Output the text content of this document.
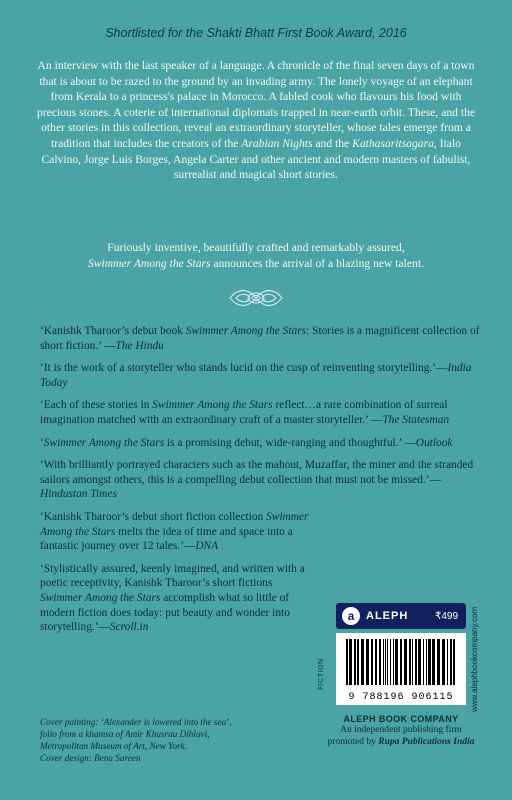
Shortlisted for the Shakti Bhatt First Book Award, 2016
An interview with the last speaker of a language. A chronicle of the final seven days of a town that is about to be razed to the ground by an invading army. The lonely voyage of an elephant from Kerala to a princess's palace in Morocco. A fabled cook who flavours his food with precious stones. A coterie of international diplomats trapped in near-earth orbit. These, and the other stories in this collection, reveal an extraordinary storyteller, whose tales emerge from a tradition that includes the creators of the Arabian Nights and the Kathasaritsagara, Italo Calvino, Jorge Luis Borges, Angela Carter and other ancient and modern masters of fabulist, surrealist and magical short stories.
Furiously inventive, beautifully crafted and remarkably assured,
Swimmer Among the Stars announces the arrival of a blazing new talent.

‘Kanishk Tharoor’s debut book Swimmer Among the Stars: Stories is a magnificent collection of short fiction.’ —The Hindu

‘It is the work of a storyteller who stands lucid on the cusp of reinventing storytelling.’—India Today

‘Each of these stories in Swimmer Among the Stars reflect…a rare combination of surreal imagination matched with an extraordinary craft of a master storyteller.’ —The Statesman

‘Swimmer Among the Stars is a promising debut, wide-ranging and thoughtful.’ —Outlook

‘With brilliantly portrayed characters such as the mahout, Muzaffar, the miner and the stranded sailors amongst others, this is a compelling debut collection that must not be missed.’—Hindustan Times

‘Kanishk Tharoor’s debut short fiction collection Swimmer Among the Stars melts the idea of time and space into a fantastic journey over 12 tales.’—DNA

‘Stylistically assured, keenly imagined, and written with a poetic receptivity, Kanishk Tharoor’s short fictions Swimmer Among the Stars accomplish what so little of modern fiction does today: put beauty and wonder into storytelling.’—Scroll.in

Cover painting: ‘Alexander is lowered into the sea’,
folio from a khamsa of Amir Khusrau Dihlavi,
Metropolitan Museum of Art, New York.
Cover design: Bena Sareen
a	ALEPH	₹499
9 788196 906115
FICTION	www.alephbookcompany.com
ALEPH BOOK COMPANY
An independent publishing firm
promoted by Rupa Publications India
